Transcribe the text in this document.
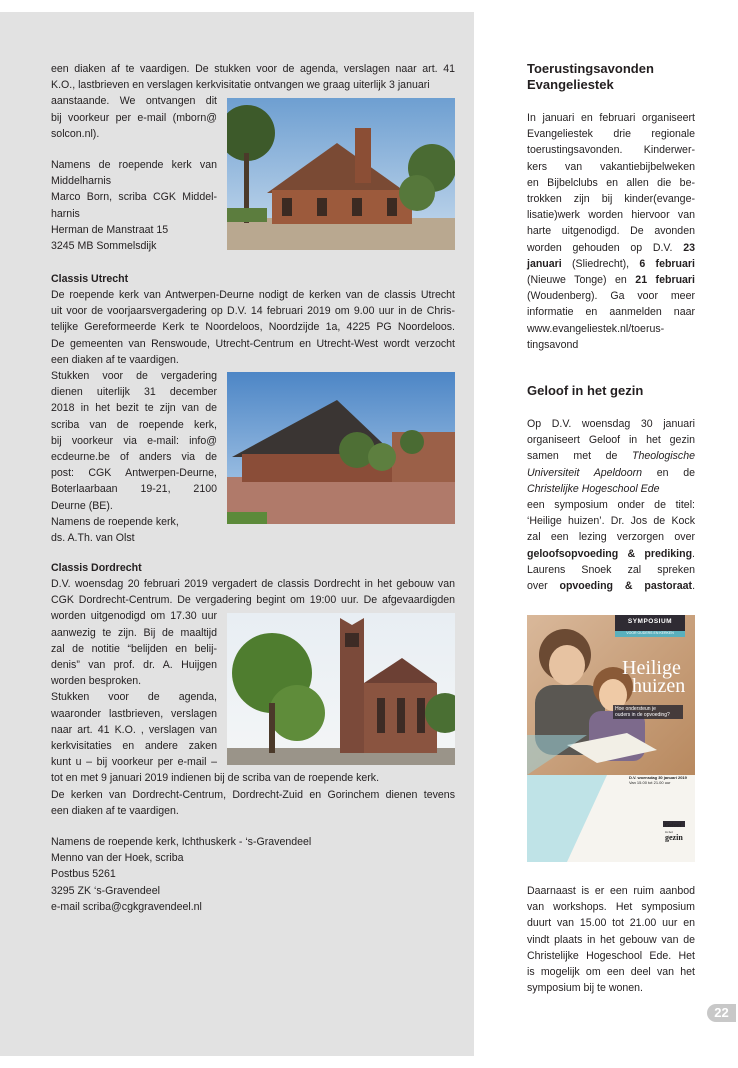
een diaken af te vaardigen. De stukken voor de agenda, verslagen naar art. 41
K.O., lastbrieven en verslagen kerkvisitatie ontvangen we graag uiterlijk 3 januari
aanstaande. We ontvangen dit
bij voorkeur per e-mail (mborn@
solcon.nl).
Namens de roepende kerk van
Middelharnis
Marco Born, scriba CGK Middel-
harnis
Herman de Manstraat 15
3245 MB Sommelsdijk
Classis Utrecht
De roepende kerk van Antwerpen-Deurne nodigt de kerken van de classis Utrecht
uit voor de voorjaarsvergadering op D.V. 14 februari 2019 om 9.00 uur in de Chris-
telijke Gereformeerde Kerk te Noordeloos, Noordzijde 1a, 4225 PG Noordeloos.
De gemeenten van Renswoude, Utrecht-Centrum en Utrecht-West wordt verzocht
een diaken af te vaardigen.
Stukken voor de vergadering
dienen uiterlijk 31 december
2018 in het bezit te zijn van de
scriba van de roepende kerk,
bij voorkeur via e-mail: info@
ecdeurne.be of anders via de
post: CGK Antwerpen-Deurne,
Boterlaarbaan 19-21, 2100
Deurne (BE).
Namens de roepende kerk,
ds. A.Th. van Olst
Classis Dordrecht
D.V. woensdag 20 februari 2019 vergadert de classis Dordrecht in het gebouw van
CGK Dordrecht-Centrum. De vergadering begint om 19:00 uur. De afgevaardigden
worden uitgenodigd om 17.30 uur
aanwezig te zijn. Bij de maaltijd
zal de notitie “belijden en belij-
denis” van prof. dr. A. Huijgen
worden besproken.
Stukken voor de agenda,
waaronder lastbrieven, verslagen
naar art. 41 K.O. , verslagen van
kerkvisitaties en andere zaken
kunt u – bij voorkeur per e-mail –
tot en met 9 januari 2019 indienen bij de scriba van de roepende kerk.
De kerken van Dordrecht-Centrum, Dordrecht-Zuid en Gorinchem dienen tevens
een diaken af te vaardigen.
Namens de roepende kerk, Ichthuskerk - ‘s-Gravendeel
Menno van der Hoek, scriba
Postbus 5261
3295 ZK ‘s-Gravendeel
e-mail scriba@cgkgravendeel.nl
Toerustingsavonden
Evangeliestek
In januari en februari organiseert
Evangeliestek drie regionale
toerustingsavonden. Kinderwer-
kers van vakantiebijbelweken
en Bijbelclubs en allen die be-
trokken zijn bij kinder(evange-
lisatie)werk worden hiervoor van
harte uitgenodigd. De avonden
worden gehouden op D.V. 23
januari (Sliedrecht), 6 februari
(Nieuwe Tonge) en 21 februari
(Woudenberg). Ga voor meer
informatie en aanmelden naar
www.evangeliestek.nl/toerus-
tingsavond
Geloof in het gezin
Op D.V. woensdag 30 januari
organiseert Geloof in het gezin
samen met de Theologische
Universiteit Apeldoorn en de
Christelijke Hogeschool Ede
een symposium onder de titel:
‘Heilige huizen’. Dr. Jos de Kock
zal een lezing verzorgen over
geloofsopvoeding & prediking.
Laurens Snoek zal spreken
over opvoeding & pastoraat.
SYMPOSIUM
VOOR OUDERS EN KERKEN
Heilige
huizen
Hoe ondersteun je
ouders in de opvoeding?
D.V. woensdag 30 januari 2019
Van 15.00 tot 21.00 uur
Geloof
in het
gezin
Daarnaast is er een ruim aanbod
van workshops. Het symposium
duurt van 15.00 tot 21.00 uur en
vindt plaats in het gebouw van de
Christelijke Hogeschool Ede. Het
is mogelijk om een deel van het
symposium bij te wonen.
22
